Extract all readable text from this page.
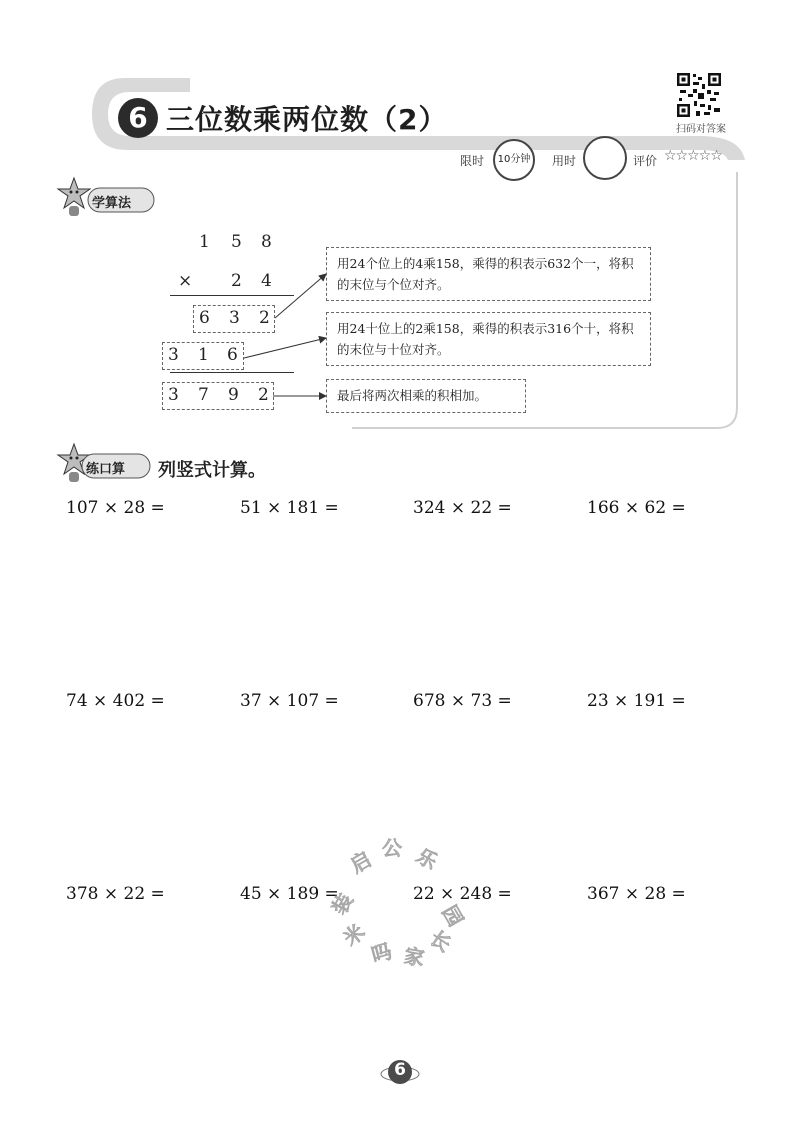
6 三位数乘两位数（2）	扫码对答案
限时	10分钟	用时	评价 ☆☆☆☆☆
学算法
1 5 8
× 2 4
6 3 2
3 1 6
3 7 9 2
用24个位上的4乘158，乘得的积表示632个一，将积的末位与个位对齐。
用24十位上的2乘158，乘得的积表示316个十，将积的末位与十位对齐。
最后将两次相乘的积相加。
练口算 列竖式计算。
107 × 28 =	51 × 181 =	324 × 22 =	166 × 62 =
74 × 402 =	37 × 107 =	678 × 73 =	23 × 191 =
378 × 22 =	45 × 189 =	22 × 248 =	367 × 28 =
启 公 乐
装
米
吗 家
长
园
6
